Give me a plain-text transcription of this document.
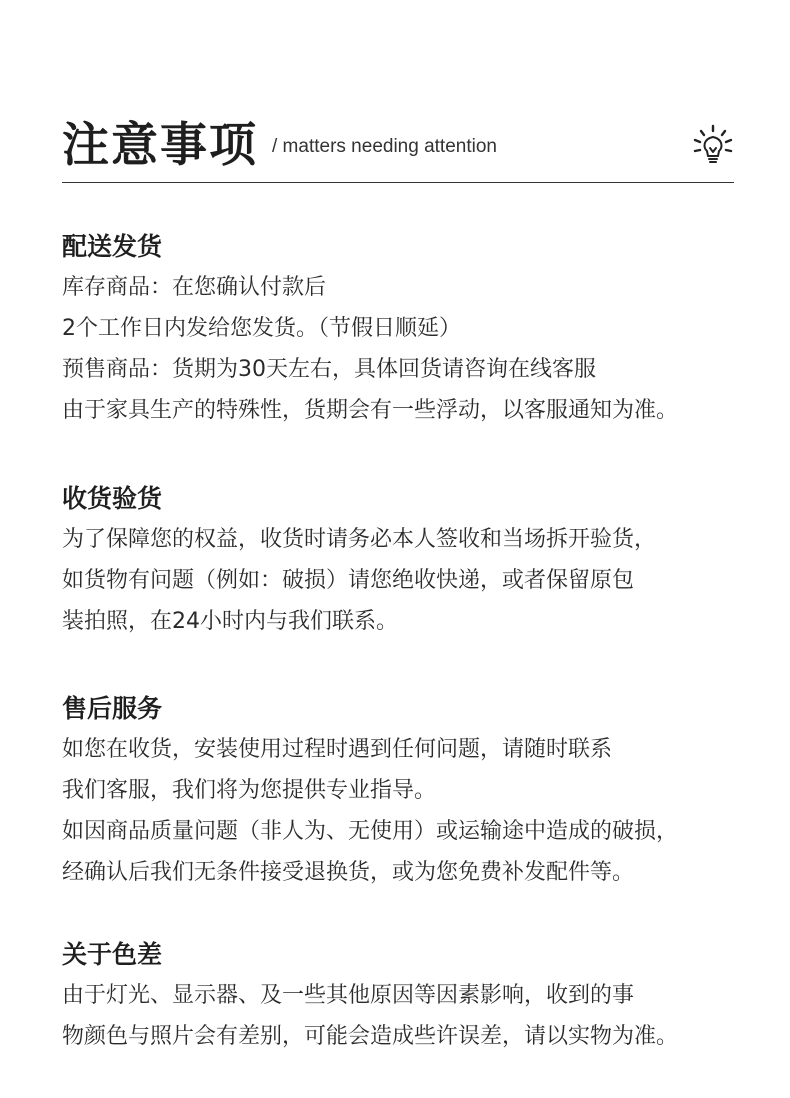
注意事项 / matters needing attention
配送发货
库存商品：在您确认付款后
2个工作日内发给您发货。（节假日顺延）
预售商品：货期为30天左右，具体回货请咨询在线客服
由于家具生产的特殊性，货期会有一些浮动，以客服通知为准。
收货验货
为了保障您的权益，收货时请务必本人签收和当场拆开验货，
如货物有问题（例如：破损）请您绝收快递，或者保留原包
装拍照，在24小时内与我们联系。
售后服务
如您在收货，安装使用过程时遇到任何问题，请随时联系
我们客服，我们将为您提供专业指导。
如因商品质量问题（非人为、无使用）或运输途中造成的破损，
经确认后我们无条件接受退换货，或为您免费补发配件等。
关于色差
由于灯光、显示器、及一些其他原因等因素影响，收到的事
物颜色与照片会有差别，可能会造成些许误差，请以实物为准。
